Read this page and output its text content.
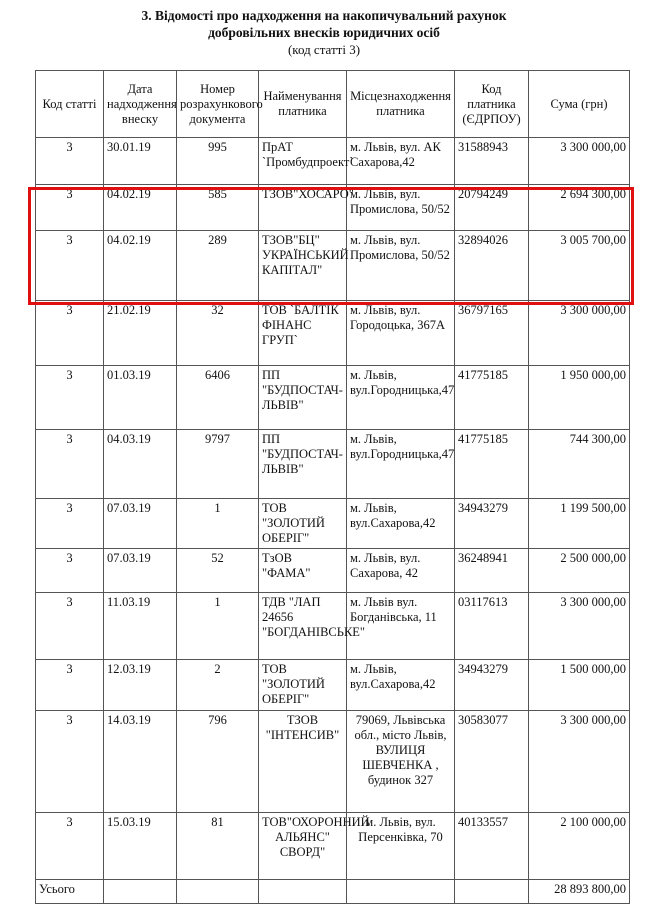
3. Відомості про надходження на накопичувальний рахунок
добровільних внесків юридичних осіб
(код статті 3)
Код статті	Дата надходження внеску	Номер розрахункового документа	Найменування платника	Місцезнаходження платника	Код платника (ЄДРПОУ)	Сума (грн)
3	30.01.19	995	ПрАТ `Промбудпроект`	м. Львів, вул. АК Сахарова,42	31588943	3 300 000,00
3	04.02.19	585	ТЗОВ"ХОСАРО"	м. Львів, вул. Промислова, 50/52	20794249	2 694 300,00
3	04.02.19	289	ТЗОВ"БЦ" УКРАЇНСЬКИЙ КАПІТАЛ"	м. Львів, вул. Промислова, 50/52	32894026	3 005 700,00
3	21.02.19	32	ТОВ `БАЛТІК ФІНАНС ГРУП`	м. Львів, вул. Городоцька, 367А	36797165	3 300 000,00
3	01.03.19	6406	ПП "БУДПОСТАЧ-ЛЬВІВ"	м. Львів, вул.Городницька,47	41775185	1 950 000,00
3	04.03.19	9797	ПП "БУДПОСТАЧ-ЛЬВІВ"	м. Львів, вул.Городницька,47	41775185	744 300,00
3	07.03.19	1	ТОВ "ЗОЛОТИЙ ОБЕРІГ"	м. Львів, вул.Сахарова,42	34943279	1 199 500,00
3	07.03.19	52	ТзОВ "ФАМА"	м. Львів, вул. Сахарова, 42	36248941	2 500 000,00
3	11.03.19	1	ТДВ "ЛАП 24656 "БОГДАНІВСЬКЕ"	м. Львів вул. Богданівська, 11	03117613	3 300 000,00
3	12.03.19	2	ТОВ "ЗОЛОТИЙ ОБЕРІГ"	м. Львів, вул.Сахарова,42	34943279	1 500 000,00
3	14.03.19	796	ТЗОВ "ІНТЕНСИВ"	79069, Львівська обл., місто Львів, ВУЛИЦЯ ШЕВЧЕНКА , будинок 327	30583077	3 300 000,00
3	15.03.19	81	ТОВ"ОХОРОННИЙ АЛЬЯНС" СВОРД"	м. Львів, вул. Персенківка, 70	40133557	2 100 000,00
Усього						28 893 800,00
